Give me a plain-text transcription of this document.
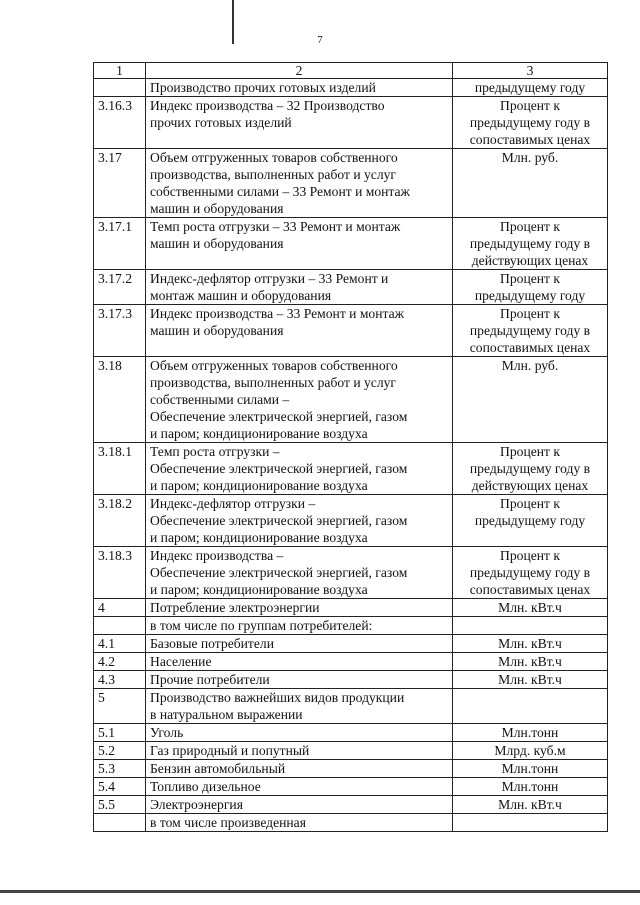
7
1	2	3

	Производство прочих готовых изделий	предыдущему году

3.16.3	Индекс производства – 32 Производство
прочих готовых изделий	Процент к
предыдущему году в
сопоставимых ценах

3.17	Объем отгруженных товаров собственного
производства, выполненных работ и услуг
собственными силами – 33 Ремонт и монтаж
машин и оборудования	Млн. руб.

3.17.1	Темп роста отгрузки – 33 Ремонт и монтаж
машин и оборудования	Процент к
предыдущему году в
действующих ценах

3.17.2	Индекс-дефлятор отгрузки – 33 Ремонт и
монтаж машин и оборудования	Процент к
предыдущему году

3.17.3	Индекс производства – 33 Ремонт и монтаж
машин и оборудования	Процент к
предыдущему году в
сопоставимых ценах

3.18	Объем отгруженных товаров собственного
производства, выполненных работ и услуг
собственными силами –
Обеспечение электрической энергией, газом
и паром; кондиционирование воздуха	Млн. руб.

3.18.1	Темп роста отгрузки –
Обеспечение электрической энергией, газом
и паром; кондиционирование воздуха	Процент к
предыдущему году в
действующих ценах

3.18.2	Индекс-дефлятор отгрузки –
Обеспечение электрической энергией, газом
и паром; кондиционирование воздуха	Процент к
предыдущему году

3.18.3	Индекс производства –
Обеспечение электрической энергией, газом
и паром; кондиционирование воздуха	Процент к
предыдущему году в
сопоставимых ценах

4	Потребление электроэнергии	Млн. кВт.ч

	в том числе по группам потребителей:	

4.1	Базовые потребители	Млн. кВт.ч

4.2	Население	Млн. кВт.ч

4.3	Прочие потребители	Млн. кВт.ч

5	Производство важнейших видов продукции
в натуральном выражении	

5.1	Уголь	Млн.тонн

5.2	Газ природный и попутный	Млрд. куб.м

5.3	Бензин автомобильный	Млн.тонн

5.4	Топливо дизельное	Млн.тонн

5.5	Электроэнергия	Млн. кВт.ч

	в том числе произведенная	
